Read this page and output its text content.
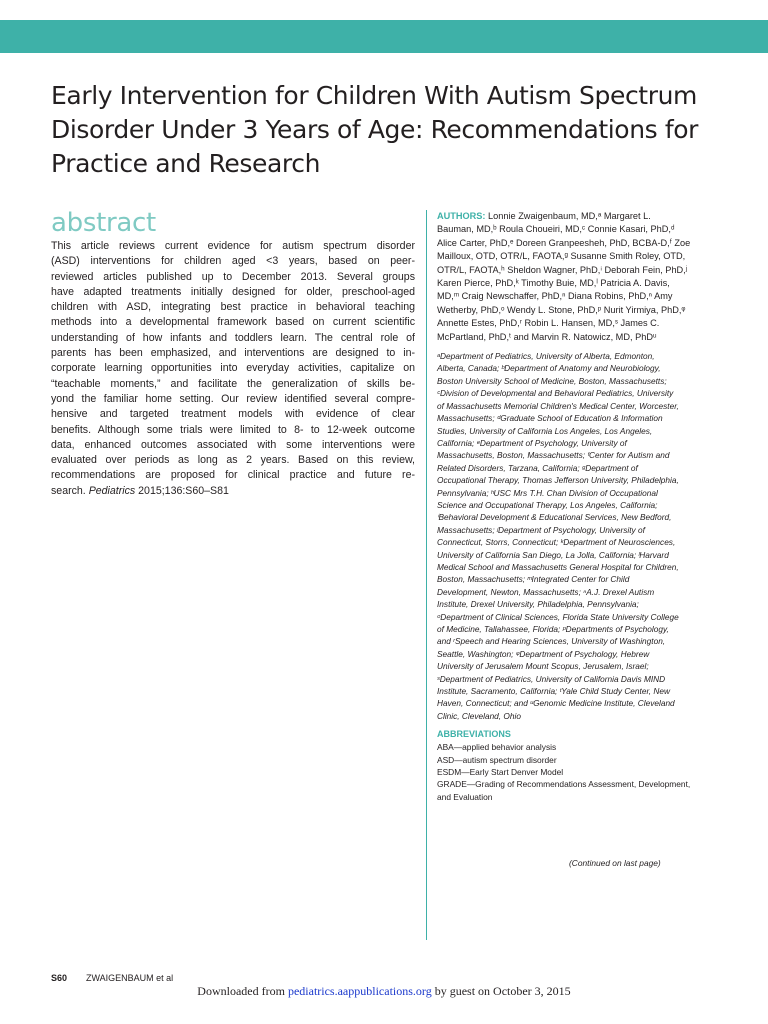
Early Intervention for Children With Autism Spectrum
Disorder Under 3 Years of Age: Recommendations for
Practice and Research
abstract
This article reviews current evidence for autism spectrum disorder
(ASD) interventions for children aged <3 years, based on peer-
reviewed articles published up to December 2013. Several groups
have adapted treatments initially designed for older, preschool-aged
children with ASD, integrating best practice in behavioral teaching
methods into a developmental framework based on current scientific
understanding of how infants and toddlers learn. The central role of
parents has been emphasized, and interventions are designed to in-
corporate learning opportunities into everyday activities, capitalize on
“teachable moments,” and facilitate the generalization of skills be-
yond the familiar home setting. Our review identified several compre-
hensive and targeted treatment models with evidence of clear
benefits. Although some trials were limited to 8- to 12-week outcome
data, enhanced outcomes associated with some interventions were
evaluated over periods as long as 2 years. Based on this review,
recommendations are proposed for clinical practice and future re-
search. Pediatrics 2015;136:S60–S81
AUTHORS: Lonnie Zwaigenbaum, MD,ᵃ Margaret L.
Bauman, MD,ᵇ Roula Choueiri, MD,ᶜ Connie Kasari, PhD,ᵈ
Alice Carter, PhD,ᵉ Doreen Granpeesheh, PhD, BCBA-D,ᶠ Zoe
Mailloux, OTD, OTR/L, FAOTA,ᵍ Susanne Smith Roley, OTD,
OTR/L, FAOTA,ʰ Sheldon Wagner, PhD,ⁱ Deborah Fein, PhD,ʲ
Karen Pierce, PhD,ᵏ Timothy Buie, MD,ˡ Patricia A. Davis,
MD,ᵐ Craig Newschaffer, PhD,ⁿ Diana Robins, PhD,ⁿ Amy
Wetherby, PhD,ᵒ Wendy L. Stone, PhD,ᵖ Nurit Yirmiya, PhD,ᵠ
Annette Estes, PhD,ʳ Robin L. Hansen, MD,ˢ James C.
McPartland, PhD,ᵗ and Marvin R. Natowicz, MD, PhDᵘ
ᵃDepartment of Pediatrics, University of Alberta, Edmonton,
Alberta, Canada; ᵇDepartment of Anatomy and Neurobiology,
Boston University School of Medicine, Boston, Massachusetts;
ᶜDivision of Developmental and Behavioral Pediatrics, University
of Massachusetts Memorial Children's Medical Center, Worcester,
Massachusetts; ᵈGraduate School of Education & Information
Studies, University of California Los Angeles, Los Angeles,
California; ᵉDepartment of Psychology, University of
Massachusetts, Boston, Massachusetts; ᶠCenter for Autism and
Related Disorders, Tarzana, California; ᵍDepartment of
Occupational Therapy, Thomas Jefferson University, Philadelphia,
Pennsylvania; ʰUSC Mrs T.H. Chan Division of Occupational
Science and Occupational Therapy, Los Angeles, California;
ⁱBehavioral Development & Educational Services, New Bedford,
Massachusetts; ʲDepartment of Psychology, University of
Connecticut, Storrs, Connecticut; ᵏDepartment of Neurosciences,
University of California San Diego, La Jolla, California; ˡHarvard
Medical School and Massachusetts General Hospital for Children,
Boston, Massachusetts; ᵐIntegrated Center for Child
Development, Newton, Massachusetts; ⁿA.J. Drexel Autism
Institute, Drexel University, Philadelphia, Pennsylvania;
ᵒDepartment of Clinical Sciences, Florida State University College
of Medicine, Tallahassee, Florida; ᵖDepartments of Psychology,
and ʳSpeech and Hearing Sciences, University of Washington,
Seattle, Washington; ᵠDepartment of Psychology, Hebrew
University of Jerusalem Mount Scopus, Jerusalem, Israel;
ˢDepartment of Pediatrics, University of California Davis MIND
Institute, Sacramento, California; ᵗYale Child Study Center, New
Haven, Connecticut; and ᵘGenomic Medicine Institute, Cleveland
Clinic, Cleveland, Ohio
ABBREVIATIONS
ABA—applied behavior analysis
ASD—autism spectrum disorder
ESDM—Early Start Denver Model
GRADE—Grading of Recommendations Assessment, Development,
and Evaluation
(Continued on last page)
S60 ZWAIGENBAUM et al
Downloaded from pediatrics.aappublications.org by guest on October 3, 2015
